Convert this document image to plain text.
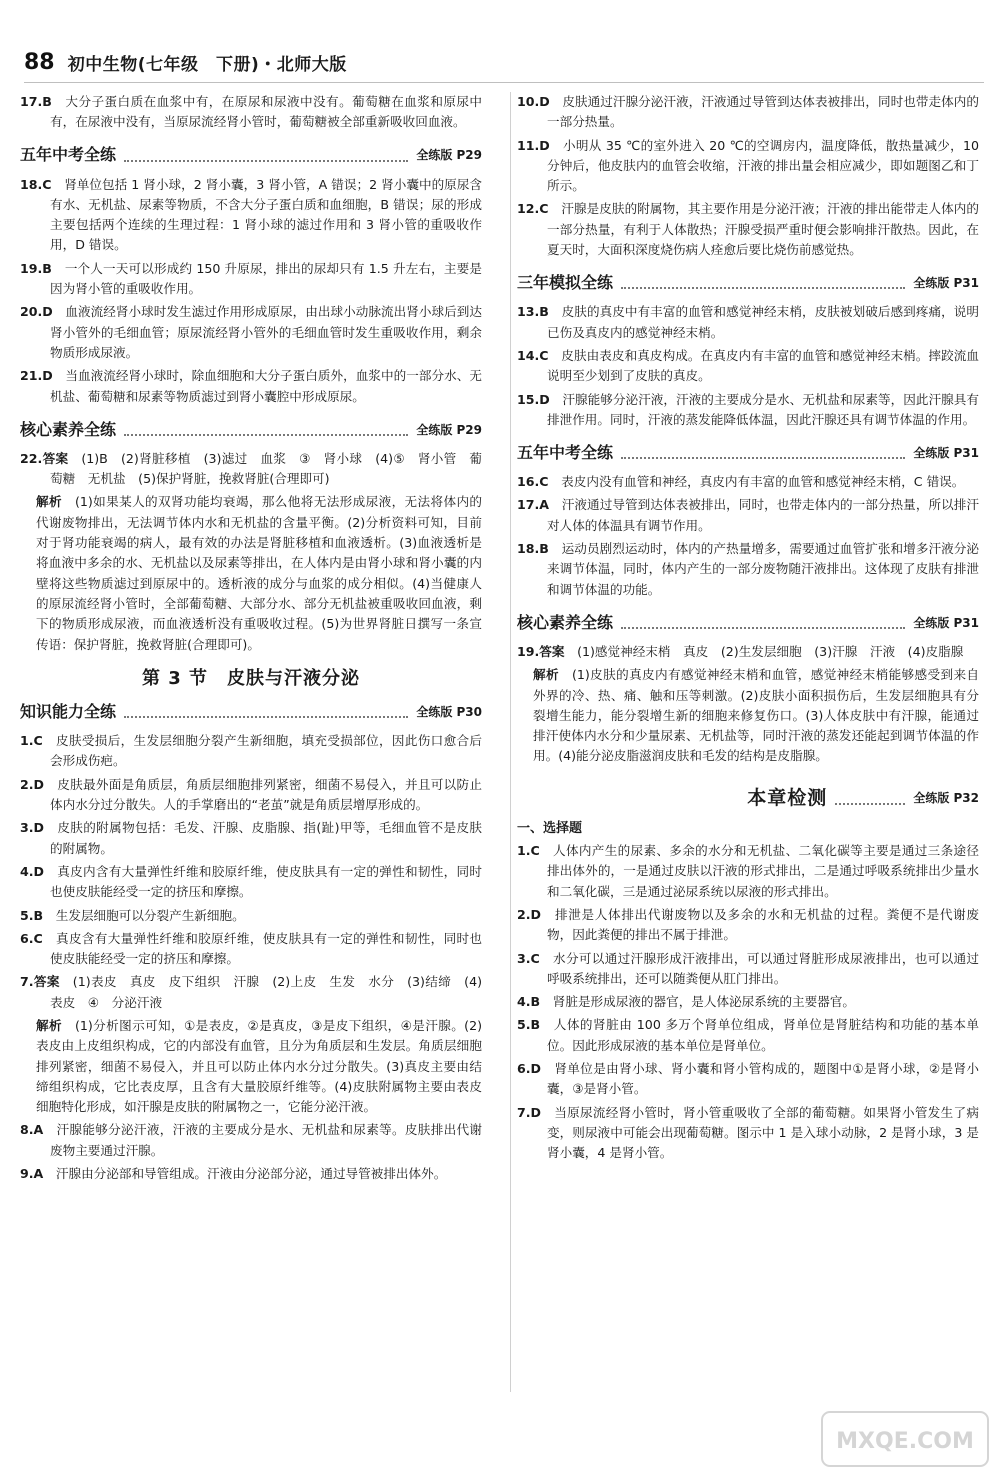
88 初中生物(七年级　下册)・北师大版

17.B　 大分子蛋白质在血浆中有，在原尿和尿液中没有。葡萄糖在血浆和原尿中有，在尿液中没有，当原尿流经肾小管时，葡萄糖被全部重新吸收回血液。

五年中考全练	全练版 P29

18.C　 肾单位包括 1 肾小球，2 肾小囊，3 肾小管，A 错误；2 肾小囊中的原尿含有水、无机盐、尿素等物质，不含大分子蛋白质和血细胞，B 错误；尿的形成主要包括两个连续的生理过程：1 肾小球的滤过作用和 3 肾小管的重吸收作用，D 错误。

19.B　 一个人一天可以形成约 150 升原尿，排出的尿却只有 1.5 升左右，主要是因为肾小管的重吸收作用。

20.D　 血液流经肾小球时发生滤过作用形成原尿，由出球小动脉流出肾小球后到达肾小管外的毛细血管；原尿流经肾小管外的毛细血管时发生重吸收作用，剩余物质形成尿液。

21.D　 当血液流经肾小球时，除血细胞和大分子蛋白质外，血浆中的一部分水、无机盐、葡萄糖和尿素等物质滤过到肾小囊腔中形成原尿。

核心素养全练	全练版 P29

22.答案　 (1)B　(2)肾脏移植　(3)滤过　血浆　③　肾小球　(4)⑤　肾小管　葡萄糖　无机盐　(5)保护肾脏，挽救肾脏(合理即可)

解析　 (1)如果某人的双肾功能均衰竭，那么他将无法形成尿液，无法将体内的代谢废物排出，无法调节体内水和无机盐的含量平衡。(2)分析资料可知，目前对于肾功能衰竭的病人，最有效的办法是肾脏移植和血液透析。(3)血液透析是将血液中多余的水、无机盐以及尿素等排出，在人体内是由肾小球和肾小囊的内壁将这些物质滤过到原尿中的。透析液的成分与血浆的成分相似。(4)当健康人的原尿流经肾小管时，全部葡萄糖、大部分水、部分无机盐被重吸收回血液，剩下的物质形成尿液，而血液透析没有重吸收过程。(5)为世界肾脏日撰写一条宣传语：保护肾脏，挽救肾脏(合理即可)。

第 3 节　皮肤与汗液分泌
知识能力全练	全练版 P30

1.C　 皮肤受损后，生发层细胞分裂产生新细胞，填充受损部位，因此伤口愈合后会形成伤疤。

2.D　 皮肤最外面是角质层，角质层细胞排列紧密，细菌不易侵入，并且可以防止体内水分过分散失。人的手掌磨出的“老茧”就是角质层增厚形成的。

3.D　 皮肤的附属物包括：毛发、汗腺、皮脂腺、指(趾)甲等，毛细血管不是皮肤的附属物。

4.D　 真皮内含有大量弹性纤维和胶原纤维，使皮肤具有一定的弹性和韧性，同时也使皮肤能经受一定的挤压和摩擦。

5.B　 生发层细胞可以分裂产生新细胞。

6.C　 真皮含有大量弹性纤维和胶原纤维，使皮肤具有一定的弹性和韧性，同时也使皮肤能经受一定的挤压和摩擦。

7.答案　 (1)表皮　真皮　皮下组织　汗腺　(2)上皮　生发　水分　(3)结缔　(4)表皮　④　分泌汗液

解析　 (1)分析图示可知，①是表皮，②是真皮，③是皮下组织，④是汗腺。(2)表皮由上皮组织构成，它的内部没有血管，且分为角质层和生发层。角质层细胞排列紧密，细菌不易侵入，并且可以防止体内水分过分散失。(3)真皮主要由结缔组织构成，它比表皮厚，且含有大量胶原纤维等。(4)皮肤附属物主要由表皮细胞特化形成，如汗腺是皮肤的附属物之一，它能分泌汗液。

8.A　 汗腺能够分泌汗液，汗液的主要成分是水、无机盐和尿素等。皮肤排出代谢废物主要通过汗腺。

9.A　 汗腺由分泌部和导管组成。汗液由分泌部分泌，通过导管被排出体外。

10.D　 皮肤通过汗腺分泌汗液，汗液通过导管到达体表被排出，同时也带走体内的一部分热量。

11.D　 小明从 35 ℃的室外进入 20 ℃的空调房内，温度降低，散热量减少，10 分钟后，他皮肤内的血管会收缩，汗液的排出量会相应减少，即如题图乙和丁所示。

12.C　 汗腺是皮肤的附属物，其主要作用是分泌汗液；汗液的排出能带走人体内的一部分热量，有利于人体散热；汗腺受损严重时便会影响排汗散热。因此，在夏天时，大面积深度烧伤病人痊愈后要比烧伤前感觉热。

三年模拟全练	全练版 P31

13.B　 皮肤的真皮中有丰富的血管和感觉神经末梢，皮肤被划破后感到疼痛，说明已伤及真皮内的感觉神经末梢。

14.C　 皮肤由表皮和真皮构成。在真皮内有丰富的血管和感觉神经末梢。摔跤流血说明至少划到了皮肤的真皮。

15.D　 汗腺能够分泌汗液，汗液的主要成分是水、无机盐和尿素等，因此汗腺具有排泄作用。同时，汗液的蒸发能降低体温，因此汗腺还具有调节体温的作用。

五年中考全练	全练版 P31

16.C　 表皮内没有血管和神经，真皮内有丰富的血管和感觉神经末梢，C 错误。

17.A　 汗液通过导管到达体表被排出，同时，也带走体内的一部分热量，所以排汗对人体的体温具有调节作用。

18.B　 运动员剧烈运动时，体内的产热量增多，需要通过血管扩张和增多汗液分泌来调节体温，同时，体内产生的一部分废物随汗液排出。这体现了皮肤有排泄和调节体温的功能。

核心素养全练	全练版 P31

19.答案　 (1)感觉神经末梢　真皮　(2)生发层细胞　(3)汗腺　汗液　(4)皮脂腺

解析　 (1)皮肤的真皮内有感觉神经末梢和血管，感觉神经末梢能够感受到来自外界的冷、热、痛、触和压等刺激。(2)皮肤小面积损伤后，生发层细胞具有分裂增生能力，能分裂增生新的细胞来修复伤口。(3)人体皮肤中有汗腺，能通过排汗使体内水分和少量尿素、无机盐等，同时汗液的蒸发还能起到调节体温的作用。(4)能分泌皮脂滋润皮肤和毛发的结构是皮脂腺。

本章检测	全练版 P32
一、选择题

1.C　 人体内产生的尿素、多余的水分和无机盐、二氧化碳等主要是通过三条途径排出体外的，一是通过皮肤以汗液的形式排出，二是通过呼吸系统排出少量水和二氧化碳，三是通过泌尿系统以尿液的形式排出。

2.D　 排泄是人体排出代谢废物以及多余的水和无机盐的过程。粪便不是代谢废物，因此粪便的排出不属于排泄。

3.C　 水分可以通过汗腺形成汗液排出，可以通过肾脏形成尿液排出，也可以通过呼吸系统排出，还可以随粪便从肛门排出。

4.B　 肾脏是形成尿液的器官，是人体泌尿系统的主要器官。

5.B　 人体的肾脏由 100 多万个肾单位组成，肾单位是肾脏结构和功能的基本单位。因此形成尿液的基本单位是肾单位。

6.D　 肾单位是由肾小球、肾小囊和肾小管构成的，题图中①是肾小球，②是肾小囊，③是肾小管。

7.D　 当原尿流经肾小管时，肾小管重吸收了全部的葡萄糖。如果肾小管发生了病变，则尿液中可能会出现葡萄糖。图示中 1 是入球小动脉，2 是肾小球，3 是肾小囊，4 是肾小管。

MXQE.COM
